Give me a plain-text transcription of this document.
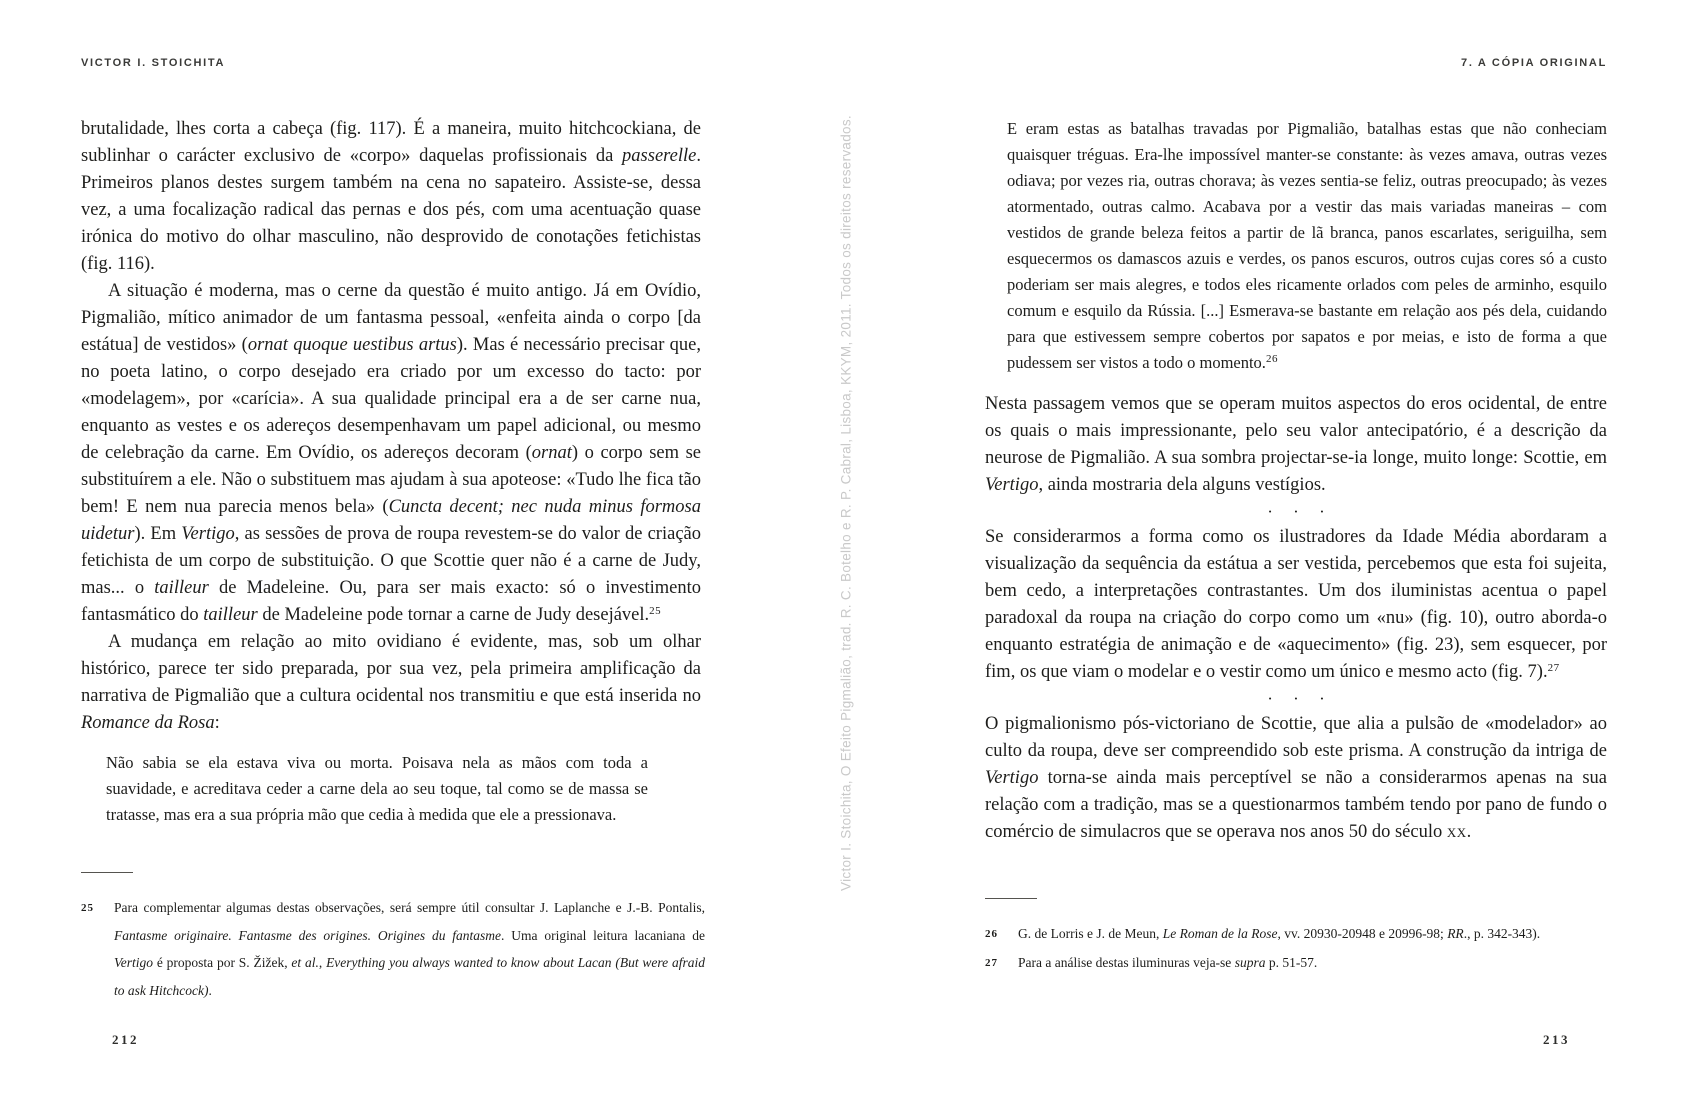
VICTOR I. STOICHITA	7. A CÓPIA ORIGINAL
brutalidade, lhes corta a cabeça (fig. 117). É a maneira, muito hitchcockiana, de sublinhar o carácter exclusivo de «corpo» daquelas profissionais da passerelle. Primeiros planos destes surgem também na cena no sapateiro. Assiste-se, dessa vez, a uma focalização radical das pernas e dos pés, com uma acentuação quase irónica do motivo do olhar masculino, não desprovido de conotações fetichistas (fig. 116).
A situação é moderna, mas o cerne da questão é muito antigo. Já em Ovídio, Pigmalião, mítico animador de um fantasma pessoal, «enfeita ainda o corpo [da estátua] de vestidos» (ornat quoque uestibus artus). Mas é necessário precisar que, no poeta latino, o corpo desejado era criado por um excesso do tacto: por «modelagem», por «carícia». A sua qualidade principal era a de ser carne nua, enquanto as vestes e os adereços desempenhavam um papel adicional, ou mesmo de celebração da carne. Em Ovídio, os adereços decoram (ornat) o corpo sem se substituírem a ele. Não o substituem mas ajudam à sua apoteose: «Tudo lhe fica tão bem! E nem nua parecia menos bela» (Cuncta decent; nec nuda minus formosa uidetur). Em Vertigo, as sessões de prova de roupa revestem-se do valor de criação fetichista de um corpo de substituição. O que Scottie quer não é a carne de Judy, mas... o tailleur de Madeleine. Ou, para ser mais exacto: só o investimento fantasmático do tailleur de Madeleine pode tornar a carne de Judy desejável.$^{25}$
A mudança em relação ao mito ovidiano é evidente, mas, sob um olhar histórico, parece ter sido preparada, por sua vez, pela primeira amplificação da narrativa de Pigmalião que a cultura ocidental nos transmitiu e que está inserida no Romance da Rosa:
Não sabia se ela estava viva ou morta. Poisava nela as mãos com toda a suavidade, e acreditava ceder a carne dela ao seu toque, tal como se de massa se tratasse, mas era a sua própria mão que cedia à medida que ele a pressionava.
E eram estas as batalhas travadas por Pigmalião, batalhas estas que não conheciam quaisquer tréguas. Era-lhe impossível manter-se constante: às vezes amava, outras vezes odiava; por vezes ria, outras chorava; às vezes sentia-se feliz, outras preocupado; às vezes atormentado, outras calmo. Acabava por a vestir das mais variadas maneiras – com vestidos de grande beleza feitos a partir de lã branca, panos escarlates, seriguilha, sem esquecermos os damascos azuis e verdes, os panos escuros, outros cujas cores só a custo poderiam ser mais alegres, e todos eles ricamente orlados com peles de arminho, esquilo comum e esquilo da Rússia. [...] Esmerava-se bastante em relação aos pés dela, cuidando para que estivessem sempre cobertos por sapatos e por meias, e isto de forma a que pudessem ser vistos a todo o momento.$^{26}$
Nesta passagem vemos que se operam muitos aspectos do eros ocidental, de entre os quais o mais impressionante, pelo seu valor antecipatório, é a descrição da neurose de Pigmalião. A sua sombra projectar-se-ia longe, muito longe: Scottie, em Vertigo, ainda mostraria dela alguns vestígios.
· · ·
Se considerarmos a forma como os ilustradores da Idade Média abordaram a visualização da sequência da estátua a ser vestida, percebemos que esta foi sujeita, bem cedo, a interpretações contrastantes. Um dos iluministas acentua o papel paradoxal da roupa na criação do corpo como um «nu» (fig. 10), outro aborda-o enquanto estratégia de animação e de «aquecimento» (fig. 23), sem esquecer, por fim, os que viam o modelar e o vestir como um único e mesmo acto (fig. 7).$^{27}$
· · ·
O pigmalionismo pós-victoriano de Scottie, que alia a pulsão de «modelador» ao culto da roupa, deve ser compreendido sob este prisma. A construção da intriga de Vertigo torna-se ainda mais perceptível se não a considerarmos apenas na sua relação com a tradição, mas se a questionarmos também tendo por pano de fundo o comércio de simulacros que se operava nos anos 50 do século xx.
25	Para complementar algumas destas observações, será sempre útil consultar J. Laplanche e J.-B. Pontalis, Fantasme originaire. Fantasme des origines. Origines du fantasme. Uma original leitura lacaniana de Vertigo é proposta por S. Žižek, et al., Everything you always wanted to know about Lacan (But were afraid to ask Hitchcock).
26	G. de Lorris e J. de Meun, Le Roman de la Rose, vv. 20930-20948 e 20996-98; RR., p. 342-343).
27	Para a análise destas iluminuras veja-se supra p. 51-57.
212	213
Victor I. Stoichita, O Efeito Pigmalião, trad. R. C. Botelho e R. P. Cabral, Lisboa, KKYM, 2011. Todos os direitos reservados.
